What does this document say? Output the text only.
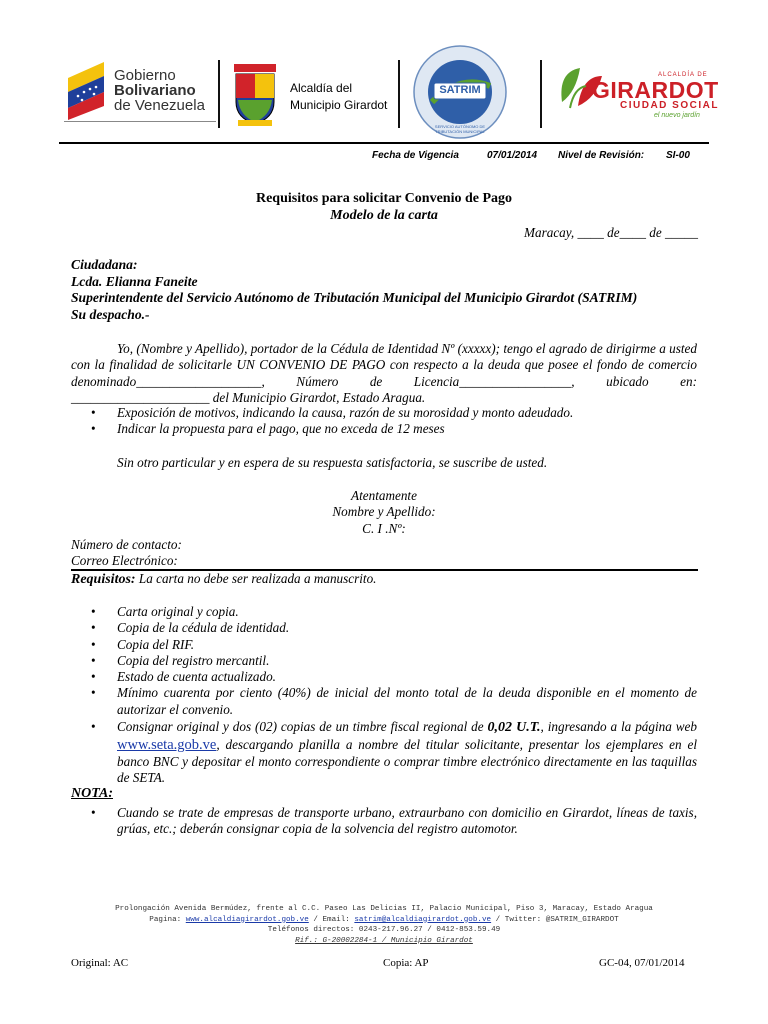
Gobierno
Bolivariano
de Venezuela
Alcaldía del
Municipio Girardot
SATRIM
SERVICIO AUTÓNOMO DE TRIBUTACIÓN MUNICIPAL
ALCALDÍA DE
GIRARDOT
CIUDAD SOCIAL
el nuevo jardín
Fecha de Vigencia	07/01/2014 Nivel de Revisión: SI-00
Requisitos para solicitar Convenio de Pago
Modelo de la carta
Maracay, ____ de____ de _____
Ciudadana:
Lcda. Elianna Faneite
Superintendente del Servicio Autónomo de Tributación Municipal del Municipio Girardot (SATRIM)
Su despacho.-
Yo, (Nombre y Apellido), portador de la Cédula de Identidad Nº (xxxxx); tengo el agrado de dirigirme a usted con la finalidad de solicitarle UN CONVENIO DE PAGO con respecto a la deuda que posee el fondo de comercio denominado___________________, Número de Licencia_________________, ubicado en: _____________________ del Municipio Girardot, Estado Aragua.
• Exposición de motivos, indicando la causa, razón de su morosidad y monto adeudado.
• Indicar la propuesta para el pago, que no exceda de 12 meses
Sin otro particular y en espera de su respuesta satisfactoria, se suscribe de usted.
Atentamente
Nombre y Apellido:
C. I .Nº:
Número de contacto:
Correo Electrónico:
Requisitos: La carta no debe ser realizada a manuscrito.
• Carta original y copia.
• Copia de la cédula de identidad.
• Copia del RIF.
• Copia del registro mercantil.
• Estado de cuenta actualizado.
• Mínimo cuarenta por ciento (40%) de inicial del monto total de la deuda disponible en el momento de autorizar el convenio.
• Consignar original y dos (02) copias de un timbre fiscal regional de 0,02 U.T., ingresando a la página web www.seta.gob.ve, descargando planilla a nombre del titular solicitante, presentar los ejemplares en el banco BNC y depositar el monto correspondiente o comprar timbre electrónico directamente en las taquillas de SETA.
NOTA:
• Cuando se trate de empresas de transporte urbano, extraurbano con domicilio en Girardot, líneas de taxis, grúas, etc.; deberán consignar copia de la solvencia del registro automotor.
Prolongación Avenida Bermúdez, frente al C.C. Paseo Las Delicias II, Palacio Municipal, Piso 3, Maracay, Estado Aragua
Pagina: www.alcaldiagirardot.gob.ve / Email: satrim@alcaldiagirardot.gob.ve / Twitter: @SATRIM_GIRARDOT
Teléfonos directos: 0243-217.96.27 / 0412-853.59.49
Rif.: G-20002284-1 / Municipio Girardot
Original: AC	Copia: AP	GC-04, 07/01/2014
